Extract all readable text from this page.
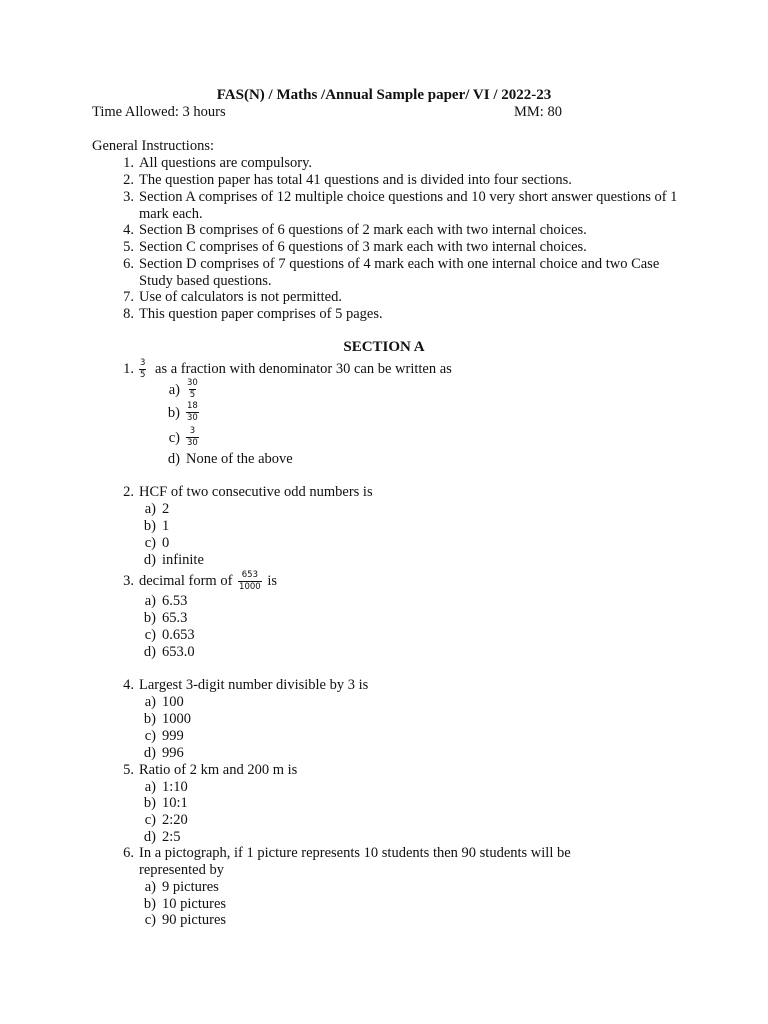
FAS(N) / Maths /Annual Sample paper/ VI / 2022-23
Time Allowed: 3 hours	MM: 80
General Instructions:
1. All questions are compulsory.
2. The question paper has total 41 questions and is divided into four sections.
3. Section A comprises of 12 multiple choice questions and 10 very short answer questions of 1 mark each.
4. Section B comprises of 6 questions of 2 mark each with two internal choices.
5. Section C comprises of 6 questions of 3 mark each with two internal choices.
6. Section D comprises of 7 questions of 4 mark each with one internal choice and two Case Study based questions.
7. Use of calculators is not permitted.
8. This question paper comprises of 5 pages.
SECTION A
1. $\frac{3}{5}$ as a fraction with denominator 30 can be written as
$a) \frac{30}{5}$
$b) \frac{18}{30}$
$c) \frac{3}{30}$
d) None of the above
2. HCF of two consecutive odd numbers is
a) 2
b) 1
c) 0
d) infinite
3. decimal form of $\frac{653}{1000}$ is
a) 6.53
b) 65.3
c) 0.653
d) 653.0
4. Largest 3-digit number divisible by 3 is
a) 100
b) 1000
c) 999
d) 996
5. Ratio of 2 km and 200 m is
a) 1:10
b) 10:1
c) 2:20
d) 2:5
6. In a pictograph, if 1 picture represents 10 students then 90 students will be
represented by
a) 9 pictures
b) 10 pictures
c) 90 pictures
